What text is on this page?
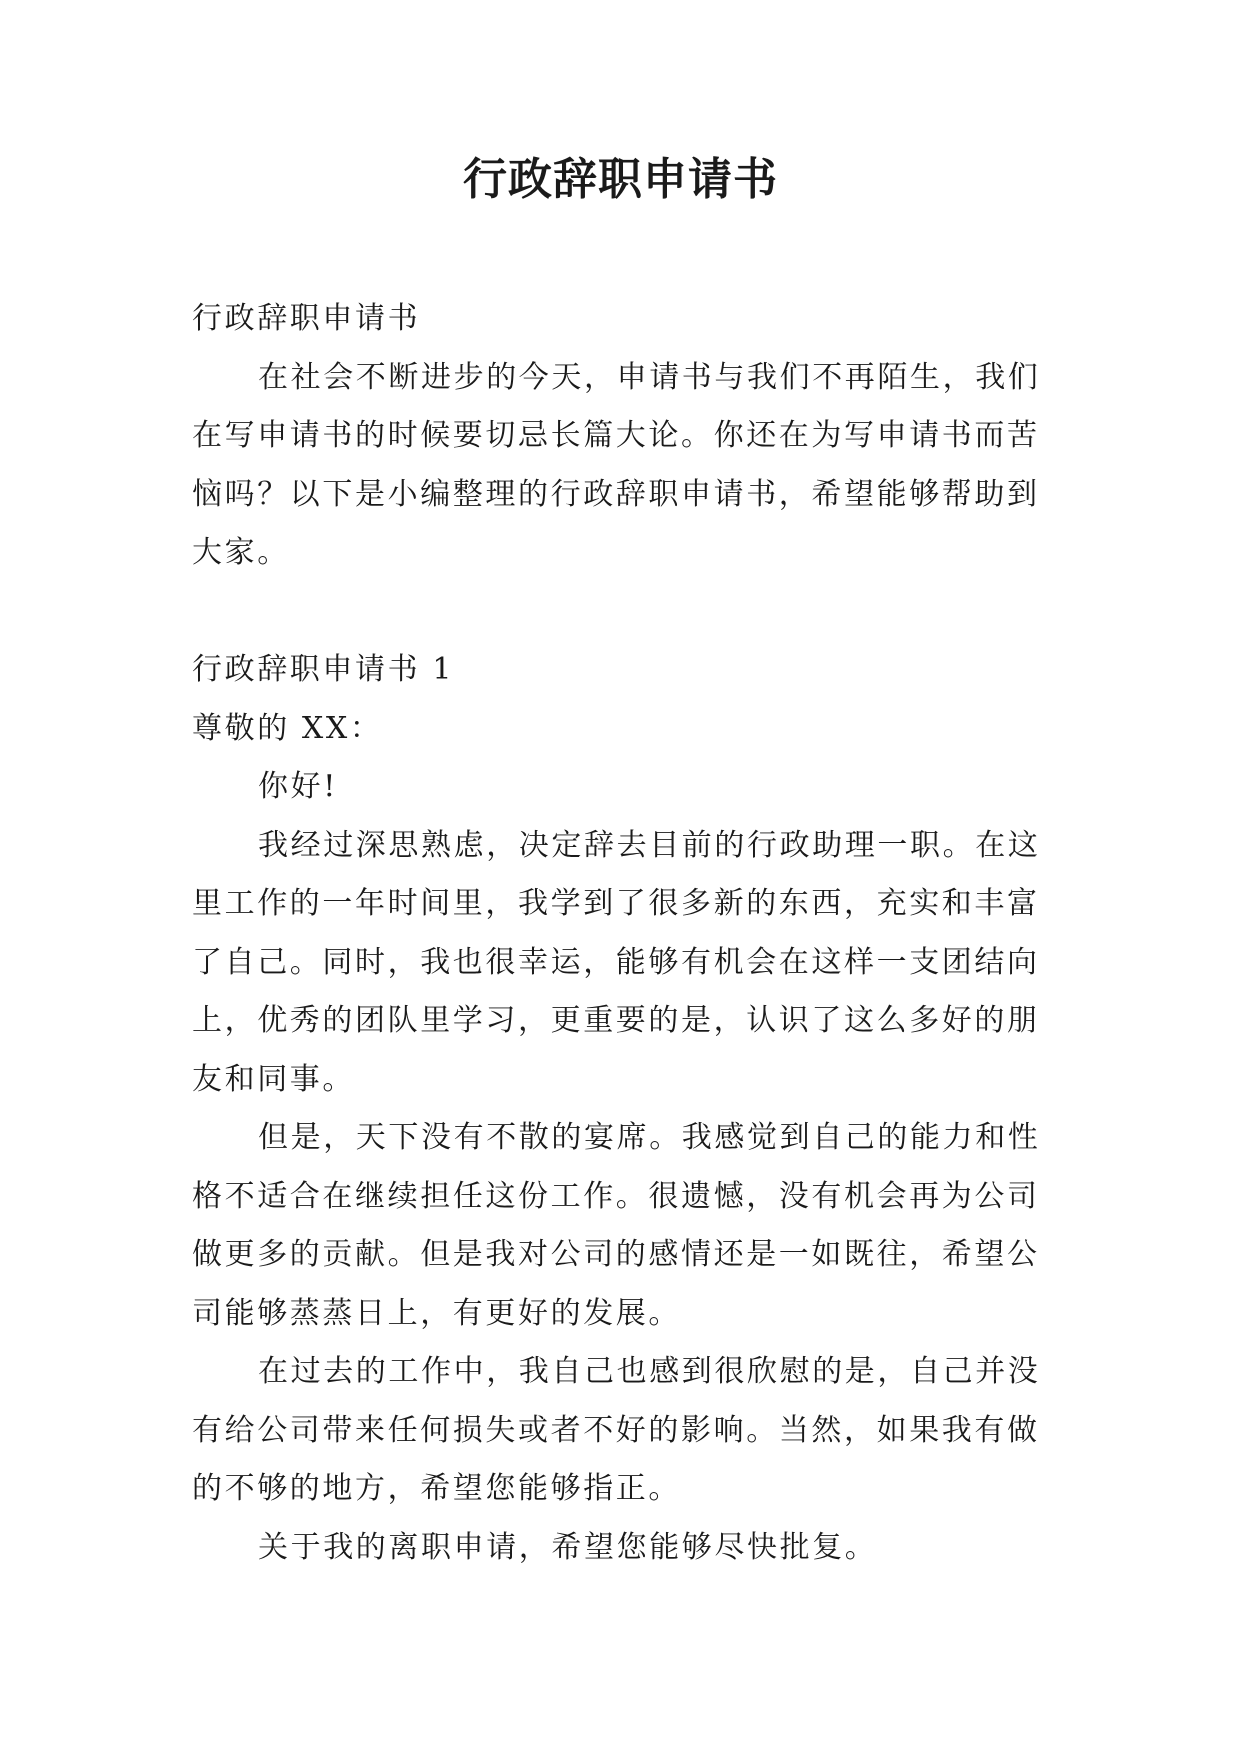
行政辞职申请书

行政辞职申请书

在社会不断进步的今天，申请书与我们不再陌生，我们

在写申请书的时候要切忌长篇大论。你还在为写申请书而苦

恼吗？以下是小编整理的行政辞职申请书，希望能够帮助到

大家。

行政辞职申请书 1

尊敬的 XX：

你好!

我经过深思熟虑，决定辞去目前的行政助理一职。在这

里工作的一年时间里，我学到了很多新的东西，充实和丰富

了自己。同时，我也很幸运，能够有机会在这样一支团结向

上，优秀的团队里学习，更重要的是，认识了这么多好的朋

友和同事。

但是，天下没有不散的宴席。我感觉到自己的能力和性

格不适合在继续担任这份工作。很遗憾，没有机会再为公司

做更多的贡献。但是我对公司的感情还是一如既往，希望公

司能够蒸蒸日上，有更好的发展。

在过去的工作中，我自己也感到很欣慰的是，自己并没

有给公司带来任何损失或者不好的影响。当然，如果我有做

的不够的地方，希望您能够指正。

关于我的离职申请，希望您能够尽快批复。
